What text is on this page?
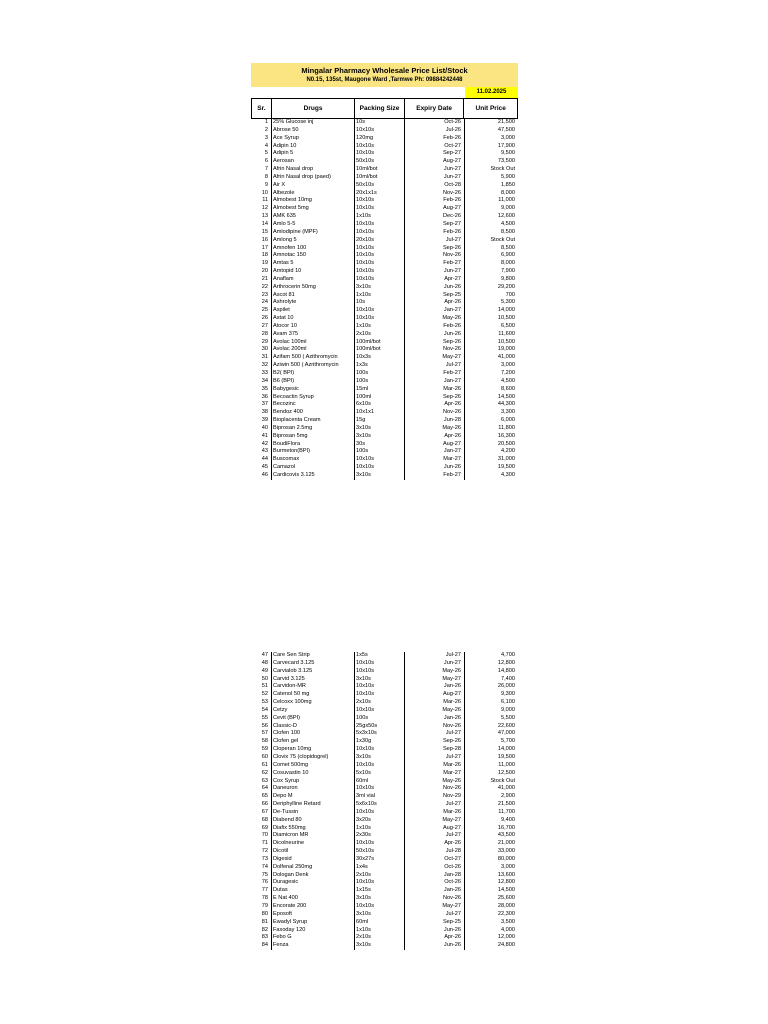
Mingalar Pharmacy Wholesale Price List/Stock
N0.15, 135st, Maugone Ward ,Tarmwe Ph: 09884242448
11.02.2025
Sr.	Drugs	Packing Size	Expiry Date	Unit Price
1 25% Glucose inj	10s	Oct-26	21,500
2 Abrose 50	10x10s	Jul-26	47,500
3 Ace Syrup	120mg	Feb-26	3,000
4 Adipin 10	10x10s	Oct-27	17,900
5 Adipin 5	10x10s	Sep-27	9,500
6 Aerosan	50x10s	Aug-27	73,500
7 Afrin Nasal drop	10ml/bot	Jun-27	Stock Out
8 Afrin Nasal drop (paed)	10ml/bot	Jun-27	5,900
9 Air X	50x10s	Oct-28	1,850
10 Albezole	20x1x1s	Nov-26	8,000
11 Almobest 10mg	10x10s	Feb-26	11,000
12 Almobest 5mg	10x10s	Aug-27	9,000
13 AMK 635	1x10s	Dec-26	12,600
14 Amlo 5-5	10x10s	Sep-27	4,500
15 Amlodipine (MPF)	10x10s	Feb-26	8,500
16 Amlong 5	20x10s	Jul-27	Stock Out
17 Amnofen 100	10x10s	Sep-26	8,500
18 Amnotac 150	10x10s	Nov-26	6,900
19 Amtas 5	10x10s	Feb-27	8,000
20 Amtopid 10	10x10s	Jun-27	7,900
21 Anaflam	10x10s	Apr-27	9,800
22 Arthrocerin 50mg	3x10s	Jun-26	29,200
23 Ascot 81	1x10s	Sep-25	700
24 Ashrolyte	10s	Apr-26	5,300
25 Aspilet	10x10s	Jan-27	14,000
26 Astat 10	10x10s	May-26	10,500
27 Atocor 10	1x10s	Feb-26	6,500
28 Avam 375	2x10s	Jun-26	11,600
29 Avolac 100ml	100ml/bot	Sep-26	10,500
30 Avolac 200ml	100ml/bot	Nov-26	19,000
31 Azifam 500 ( Azithromycin	10x3s	May-27	41,000
32 Aziwin 500 ( Azrithromycin	1x3s	Jul-27	3,000
33 B2( BPI)	100s	Feb-27	7,200
34 B6 (BPI)	100s	Jan-27	4,500
35 Babygesic	15ml	Mar-26	8,600
36 Becoactin Syrup	100ml	Sep-26	14,500
37 Becozinc	6x10s	Apr-26	44,300
38 Bendoz 400	10x1x1	Nov-26	3,300
39 Bioplacenta Cream	15g	Jun-28	6,000
40 Biprosan 2.5mg	3x10s	May-26	11,800
41 Biprosan 5mg	3x10s	Apr-26	16,300
42 BoudiFlora	30s	Aug-27	20,500
43 Burmeton(BPI)	100s	Jan-27	4,200
44 Buscomax	10x10s	Mar-27	31,000
45 Camazol	10x10s	Jun-26	19,500
46 Cardicovis 3.125	3x10s	Feb-27	4,300
47 Care Sen Strip	1x5s	Jul-27	4,700
48 Carvecard 3.125	10x10s	Jun-27	12,800
49 Carvialob 3.125	10x10s	May-26	14,800
50 Carvid 3.125	3x10s	May-27	7,400
51 Carvidon-MR	10x10s	Jan-26	26,000
52 Catenol 50 mg	10x10s	Aug-27	9,300
53 Celcoxx 100mg	2x10s	Mar-26	6,100
54 Cetzy	10x10s	May-26	9,000
55 Cevit (BPI)	100s	Jan-26	5,500
56 Classic-D	25gx50s	Nov-26	22,600
57 Clofen 100	5x3x10s	Jul-27	47,000
58 Clofen gel	1x30g	Sep-26	5,700
59 Cloperan 10mg	10x10s	Sep-28	14,000
60 Clovix 75 (clopidogrel)	3x10s	Jul-27	19,500
61 Comet 500mg	10x10s	Mar-26	11,000
62 Cosuvastin 10	5x10s	Mar-27	12,500
63 Cox Syrup	60ml	May-26	Stock Out
64 Daneuron	10x10s	Nov-26	41,000
65 Depo M	3ml vial	Nov-29	2,900
66 Deriphylline Retard	5x6x10s	Jul-27	21,500
67 De-Tussin	10x10s	Mar-26	11,700
68 Diabend 80	3x20s	May-27	9,400
69 Diafix 550mg	1x10s	Aug-27	16,700
70 Diamicron MR	2x30s	Jul-27	43,500
71 Dicolneurine	10x10s	Apr-26	21,000
72 Dicotil	50x10s	Jul-28	33,000
73 Digesid	30x27s	Oct-27	80,000
74 Dolfenal 250mg	1x4s	Oct-26	3,000
75 Dologan Denk	2x10s	Jan-28	13,600
76 Duragesic	10x10s	Oct-26	12,800
77 Dutas	1x15s	Jan-26	14,500
78 E Nat 400	3x10s	Nov-26	25,600
79 Encorate 200	10x10s	May-27	28,000
80 Eposoft	3x10s	Jul-27	22,300
81 Ewadyl Syrup	60ml	Sep-25	3,500
82 Faxoday 120	1x10s	Jun-26	4,000
83 Febo G	2x10s	Apr-26	12,000
84 Fenza	3x10s	Jun-26	24,800
